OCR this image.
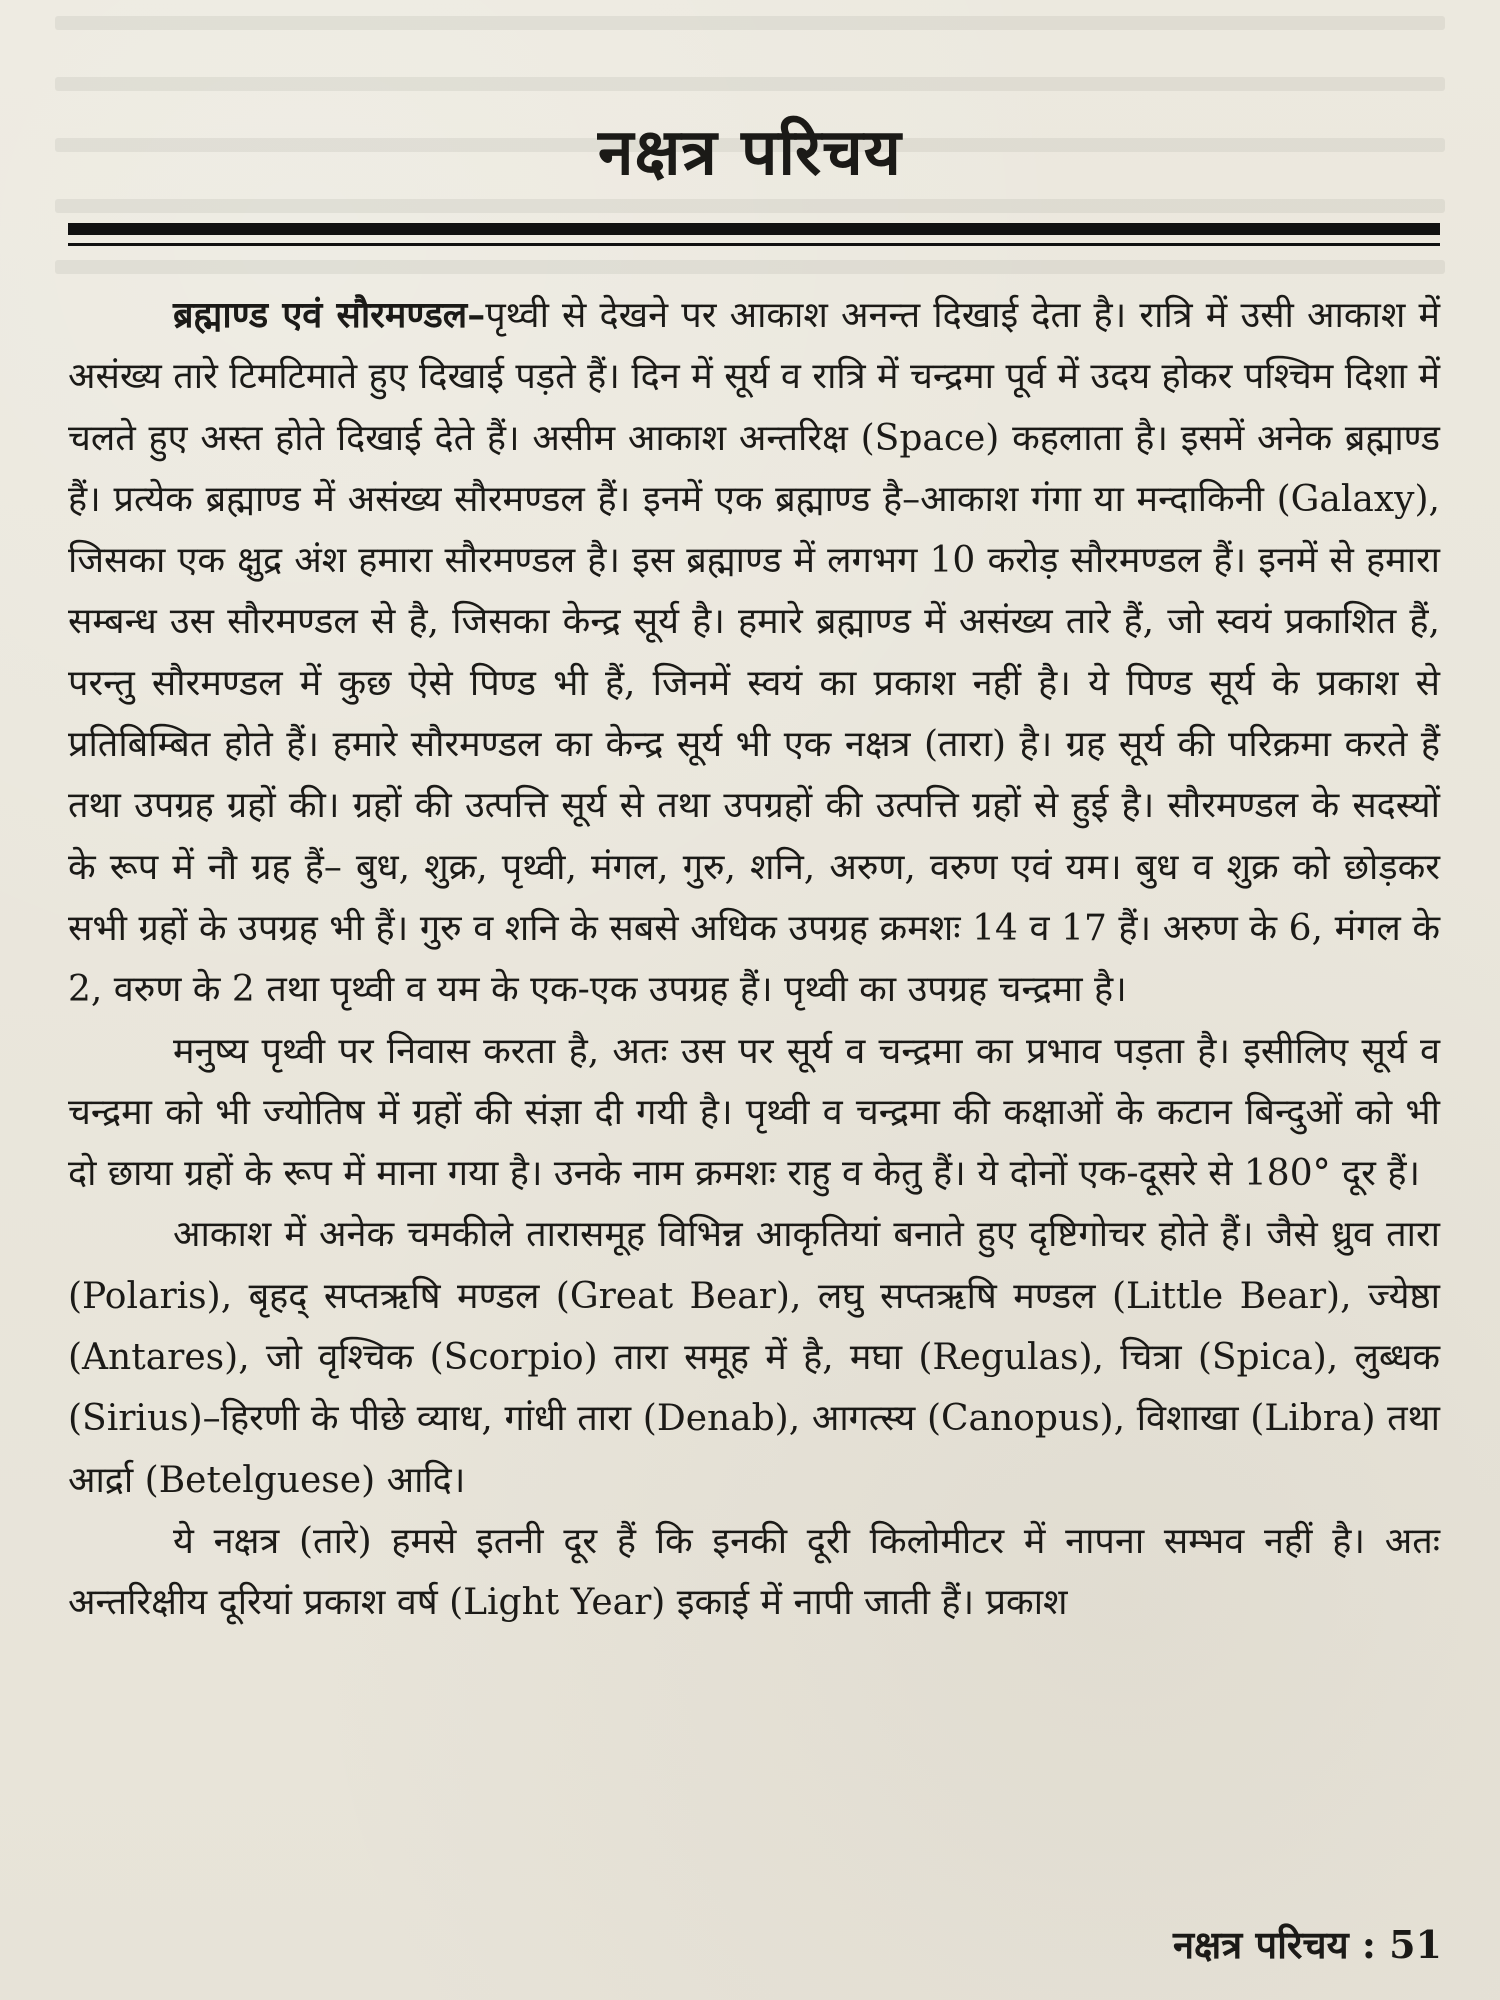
नक्षत्र परिचय

ब्रह्माण्ड एवं सौरमण्डल–पृथ्वी से देखने पर आकाश अनन्त दिखाई देता है। रात्रि में उसी आकाश में असंख्य तारे टिमटिमाते हुए दिखाई पड़ते हैं। दिन में सूर्य व रात्रि में चन्द्रमा पूर्व में उदय होकर पश्चिम दिशा में चलते हुए अस्त होते दिखाई देते हैं। असीम आकाश अन्तरिक्ष (Space) कहलाता है। इसमें अनेक ब्रह्माण्ड हैं। प्रत्येक ब्रह्माण्ड में असंख्य सौरमण्डल हैं। इनमें एक ब्रह्माण्ड है–आकाश गंगा या मन्दाकिनी (Galaxy), जिसका एक क्षुद्र अंश हमारा सौरमण्डल है। इस ब्रह्माण्ड में लगभग 10 करोड़ सौरमण्डल हैं। इनमें से हमारा सम्बन्ध उस सौरमण्डल से है, जिसका केन्द्र सूर्य है। हमारे ब्रह्माण्ड में असंख्य तारे हैं, जो स्वयं प्रकाशित हैं, परन्तु सौरमण्डल में कुछ ऐसे पिण्ड भी हैं, जिनमें स्वयं का प्रकाश नहीं है। ये पिण्ड सूर्य के प्रकाश से प्रतिबिम्बित होते हैं। हमारे सौरमण्डल का केन्द्र सूर्य भी एक नक्षत्र (तारा) है। ग्रह सूर्य की परिक्रमा करते हैं तथा उपग्रह ग्रहों की। ग्रहों की उत्पत्ति सूर्य से तथा उपग्रहों की उत्पत्ति ग्रहों से हुई है। सौरमण्डल के सदस्यों के रूप में नौ ग्रह हैं– बुध, शुक्र, पृथ्वी, मंगल, गुरु, शनि, अरुण, वरुण एवं यम। बुध व शुक्र को छोड़कर सभी ग्रहों के उपग्रह भी हैं। गुरु व शनि के सबसे अधिक उपग्रह क्रमशः 14 व 17 हैं। अरुण के 6, मंगल के 2, वरुण के 2 तथा पृथ्वी व यम के एक-एक उपग्रह हैं। पृथ्वी का उपग्रह चन्द्रमा है।

मनुष्य पृथ्वी पर निवास करता है, अतः उस पर सूर्य व चन्द्रमा का प्रभाव पड़ता है। इसीलिए सूर्य व चन्द्रमा को भी ज्योतिष में ग्रहों की संज्ञा दी गयी है। पृथ्वी व चन्द्रमा की कक्षाओं के कटान बिन्दुओं को भी दो छाया ग्रहों के रूप में माना गया है। उनके नाम क्रमशः राहु व केतु हैं। ये दोनों एक-दूसरे से 180° दूर हैं।

आकाश में अनेक चमकीले तारासमूह विभिन्न आकृतियां बनाते हुए दृष्टिगोचर होते हैं। जैसे ध्रुव तारा (Polaris), बृहद् सप्तऋषि मण्डल (Great Bear), लघु सप्तऋषि मण्डल (Little Bear), ज्येष्ठा (Antares), जो वृश्चिक (Scorpio) तारा समूह में है, मघा (Regulas), चित्रा (Spica), लुब्धक (Sirius)–हिरणी के पीछे व्याध, गांधी तारा (Denab), आगत्स्य (Canopus), विशाखा (Libra) तथा आर्द्रा (Betelguese) आदि।

ये नक्षत्र (तारे) हमसे इतनी दूर हैं कि इनकी दूरी किलोमीटर में नापना सम्भव नहीं है। अतः अन्तरिक्षीय दूरियां प्रकाश वर्ष (Light Year) इकाई में नापी जाती हैं। प्रकाश

नक्षत्र परिचय : 51
